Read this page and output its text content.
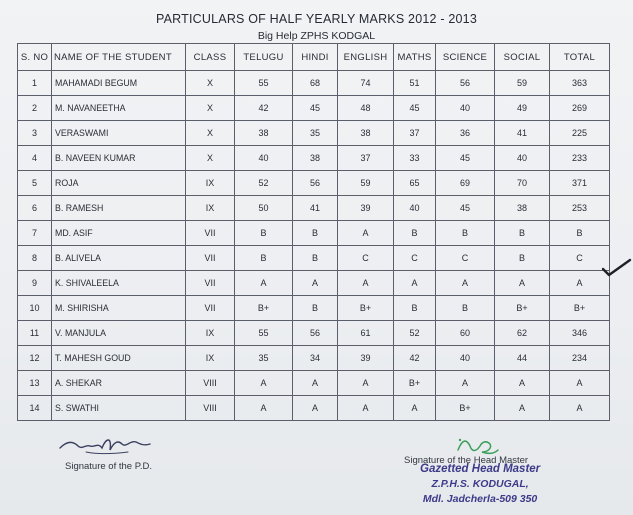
PARTICULARS OF HALF YEARLY MARKS 2012 - 2013
Big Help ZPHS KODGAL
S. NO	NAME OF THE STUDENT	CLASS	TELUGU	HINDI	ENGLISH	MATHS	SCIENCE	SOCIAL	TOTAL
1	MAHAMADI BEGUM	X	55	68	74	51	56	59	363
2	M. NAVANEETHA	X	42	45	48	45	40	49	269
3	VERASWAMI	X	38	35	38	37	36	41	225
4	B. NAVEEN KUMAR	X	40	38	37	33	45	40	233
5	ROJA	IX	52	56	59	65	69	70	371
6	B. RAMESH	IX	50	41	39	40	45	38	253
7	MD. ASIF	VII	B	B	A	B	B	B	B
8	B. ALIVELA	VII	B	B	C	C	C	B	C
9	K. SHIVALEELA	VII	A	A	A	A	A	A	A
10	M. SHIRISHA	VII	B+	B	B+	B	B	B+	B+
11	V. MANJULA	IX	55	56	61	52	60	62	346
12	T. MAHESH GOUD	IX	35	34	39	42	40	44	234
13	A. SHEKAR	VIII	A	A	A	B+	A	A	A
14	S. SWATHI	VIII	A	A	A	A	B+	A	A
Signature of the P.D.
Signature of the Head Master
Gazetted Head Master
Z.P.H.S. KODUGAL,
Mdl. Jadcherla-509 350
